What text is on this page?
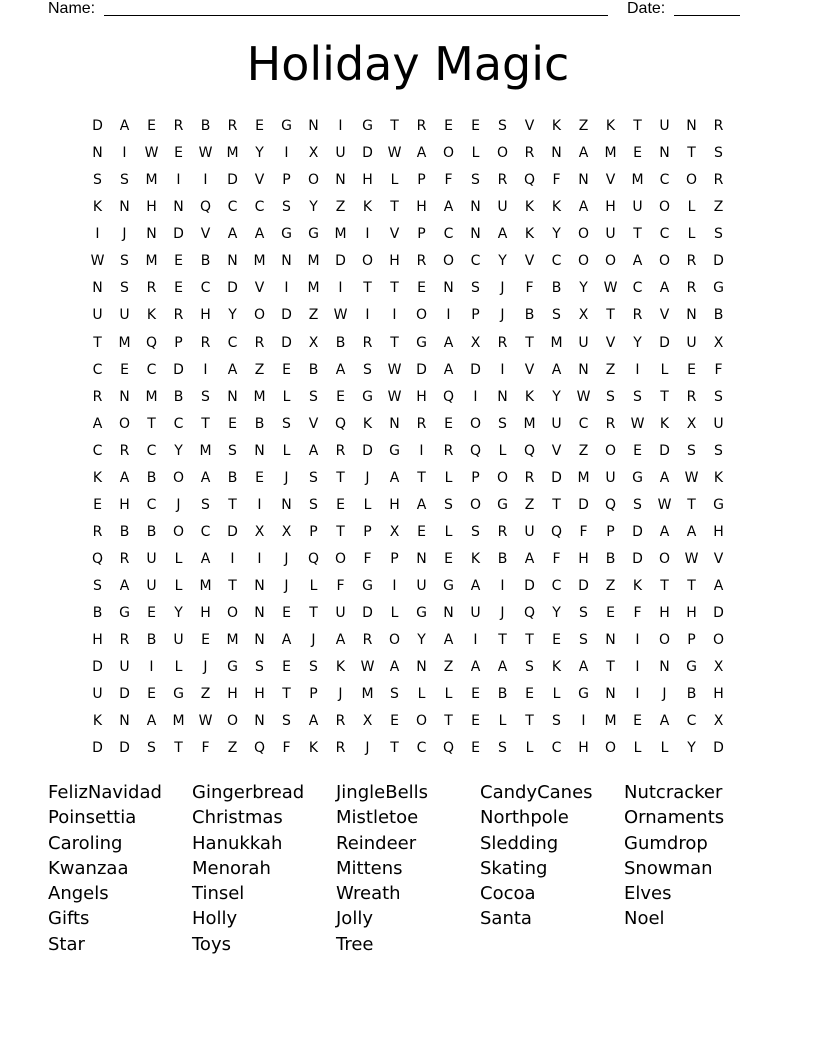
Name:	Date:
Holiday Magic
D	A	E	R	B	R	E	G	N	I	G	T	R	E	E	S	V	K	Z	K	T	U	N	R
N	I	W	E	W	M	Y	I	X	U	D	W	A	O	L	O	R	N	A	M	E	N	T	S
S	S	M	I	I	D	V	P	O	N	H	L	P	F	S	R	Q	F	N	V	M	C	O	R
K	N	H	N	Q	C	C	S	Y	Z	K	T	H	A	N	U	K	K	A	H	U	O	L	Z
I	J	N	D	V	A	A	G	G	M	I	V	P	C	N	A	K	Y	O	U	T	C	L	S
W	S	M	E	B	N	M	N	M	D	O	H	R	O	C	Y	V	C	O	O	A	O	R	D
N	S	R	E	C	D	V	I	M	I	T	T	E	N	S	J	F	B	Y	W	C	A	R	G
U	U	K	R	H	Y	O	D	Z	W	I	I	O	I	P	J	B	S	X	T	R	V	N	B
T	M	Q	P	R	C	R	D	X	B	R	T	G	A	X	R	T	M	U	V	Y	D	U	X
C	E	C	D	I	A	Z	E	B	A	S	W	D	A	D	I	V	A	N	Z	I	L	E	F
R	N	M	B	S	N	M	L	S	E	G	W	H	Q	I	N	K	Y	W	S	S	T	R	S
A	O	T	C	T	E	B	S	V	Q	K	N	R	E	O	S	M	U	C	R	W	K	X	U
C	R	C	Y	M	S	N	L	A	R	D	G	I	R	Q	L	Q	V	Z	O	E	D	S	S
K	A	B	O	A	B	E	J	S	T	J	A	T	L	P	O	R	D	M	U	G	A	W	K
E	H	C	J	S	T	I	N	S	E	L	H	A	S	O	G	Z	T	D	Q	S	W	T	G
R	B	B	O	C	D	X	X	P	T	P	X	E	L	S	R	U	Q	F	P	D	A	A	H
Q	R	U	L	A	I	I	J	Q	O	F	P	N	E	K	B	A	F	H	B	D	O	W	V
S	A	U	L	M	T	N	J	L	F	G	I	U	G	A	I	D	C	D	Z	K	T	T	A
B	G	E	Y	H	O	N	E	T	U	D	L	G	N	U	J	Q	Y	S	E	F	H	H	D
H	R	B	U	E	M	N	A	J	A	R	O	Y	A	I	T	T	E	S	N	I	O	P	O
D	U	I	L	J	G	S	E	S	K	W	A	N	Z	A	A	S	K	A	T	I	N	G	X
U	D	E	G	Z	H	H	T	P	J	M	S	L	L	E	B	E	L	G	N	I	J	B	H
K	N	A	M	W	O	N	S	A	R	X	E	O	T	E	L	T	S	I	M	E	A	C	X
D	D	S	T	F	Z	Q	F	K	R	J	T	C	Q	E	S	L	C	H	O	L	L	Y	D
FelizNavidad	Gingerbread	JingleBells	CandyCanes	Nutcracker
Poinsettia	Christmas	Mistletoe	Northpole	Ornaments
Caroling	Hanukkah	Reindeer	Sledding	Gumdrop
Kwanzaa	Menorah	Mittens	Skating	Snowman
Angels	Tinsel	Wreath	Cocoa	Elves
Gifts	Holly	Jolly	Santa	Noel
Star	Toys	Tree
